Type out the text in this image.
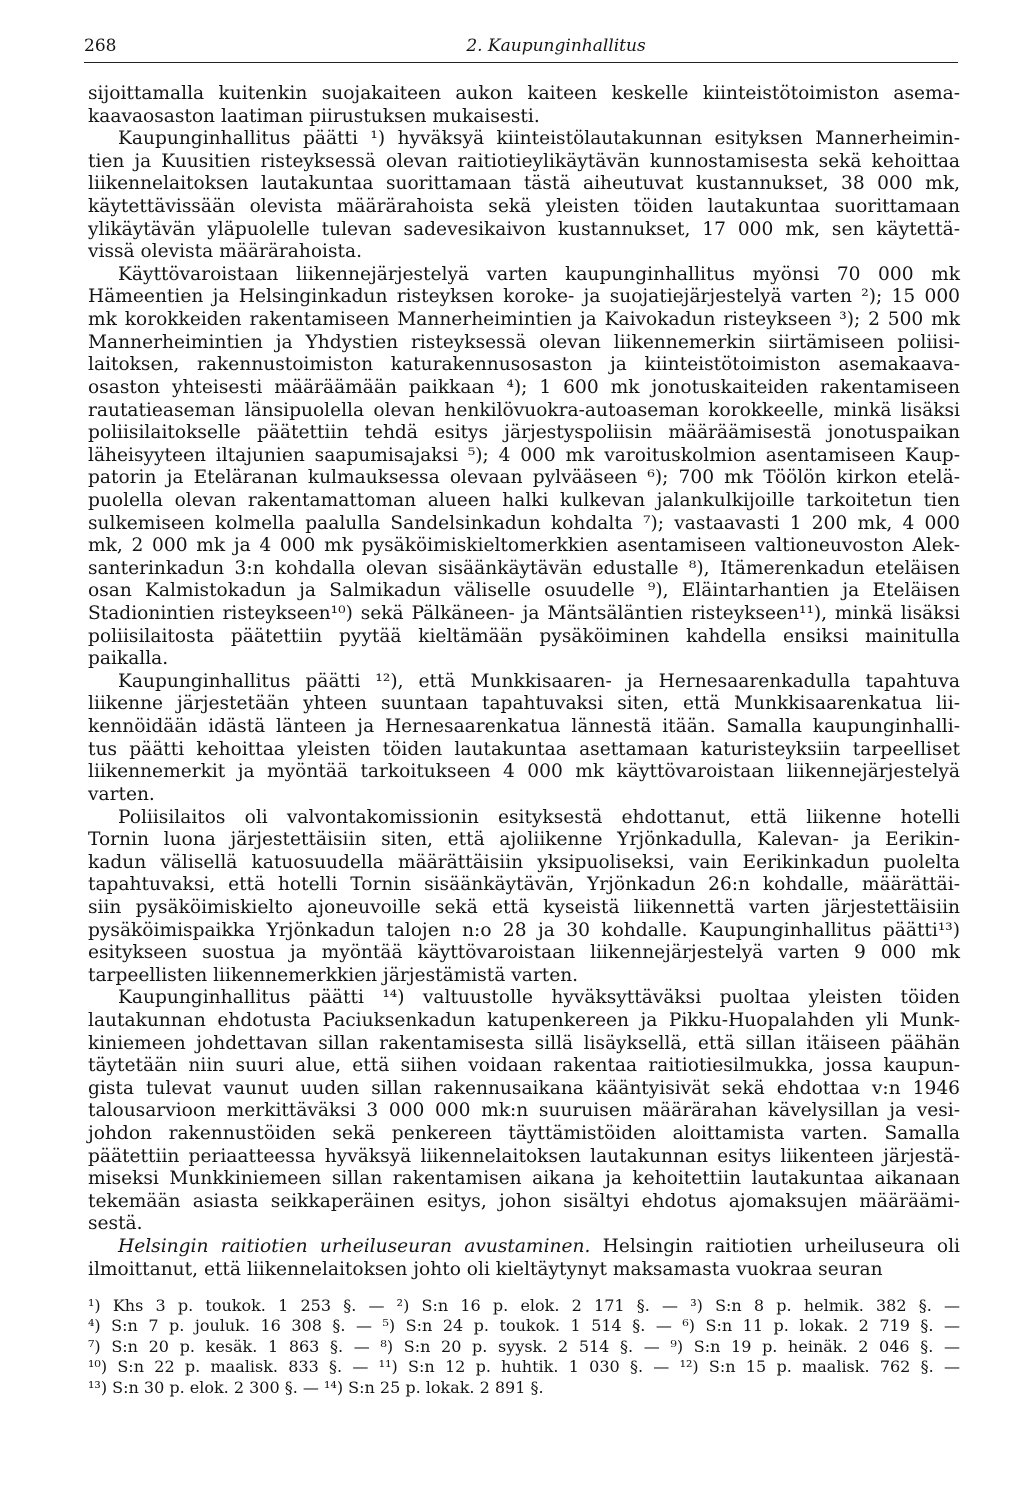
268	2. Kaupunginhallitus
sijoittamalla kuitenkin suojakaiteen aukon kaiteen keskelle kiinteistötoimiston asema-
kaavaosaston laatiman piirustuksen mukaisesti.
Kaupunginhallitus päätti ¹) hyväksyä kiinteistölautakunnan esityksen Mannerheimin-
tien ja Kuusitien risteyksessä olevan raitiotieylikäytävän kunnostamisesta sekä kehoittaa
liikennelaitoksen lautakuntaa suorittamaan tästä aiheutuvat kustannukset, 38 000 mk,
käytettävissään olevista määrärahoista sekä yleisten töiden lautakuntaa suorittamaan
ylikäytävän yläpuolelle tulevan sadevesikaivon kustannukset, 17 000 mk, sen käytettä-
vissä olevista määrärahoista.
Käyttövaroistaan liikennejärjestelyä varten kaupunginhallitus myönsi 70 000 mk
Hämeentien ja Helsinginkadun risteyksen koroke- ja suojatiejärjestelyä varten ²); 15 000
mk korokkeiden rakentamiseen Mannerheimintien ja Kaivokadun risteykseen ³); 2 500 mk
Mannerheimintien ja Yhdystien risteyksessä olevan liikennemerkin siirtämiseen poliisi-
laitoksen, rakennustoimiston katurakennusosaston ja kiinteistötoimiston asemakaava-
osaston yhteisesti määräämään paikkaan ⁴); 1 600 mk jonotuskaiteiden rakentamiseen
rautatieaseman länsipuolella olevan henkilövuokra-autoaseman korokkeelle, minkä lisäksi
poliisilaitokselle päätettiin tehdä esitys järjestyspoliisin määräämisestä jonotuspaikan
läheisyyteen iltajunien saapumisajaksi ⁵); 4 000 mk varoituskolmion asentamiseen Kaup-
patorin ja Eteläranan kulmauksessa olevaan pylvääseen ⁶); 700 mk Töölön kirkon etelä-
puolella olevan rakentamattoman alueen halki kulkevan jalankulkijoille tarkoitetun tien
sulkemiseen kolmella paalulla Sandelsinkadun kohdalta ⁷); vastaavasti 1 200 mk, 4 000
mk, 2 000 mk ja 4 000 mk pysäköimiskieltomerkkien asentamiseen valtioneuvoston Alek-
santerinkadun 3:n kohdalla olevan sisäänkäytävän edustalle ⁸), Itämerenkadun eteläisen
osan Kalmistokadun ja Salmikadun väliselle osuudelle ⁹), Eläintarhantien ja Eteläisen
Stadionintien risteykseen¹⁰) sekä Pälkäneen- ja Mäntsäläntien risteykseen¹¹), minkä lisäksi
poliisilaitosta päätettiin pyytää kieltämään pysäköiminen kahdella ensiksi mainitulla
paikalla.
Kaupunginhallitus päätti ¹²), että Munkkisaaren- ja Hernesaarenkadulla tapahtuva
liikenne järjestetään yhteen suuntaan tapahtuvaksi siten, että Munkkisaarenkatua lii-
kennöidään idästä länteen ja Hernesaarenkatua lännestä itään. Samalla kaupunginhalli-
tus päätti kehoittaa yleisten töiden lautakuntaa asettamaan katuristeyksiin tarpeelliset
liikennemerkit ja myöntää tarkoitukseen 4 000 mk käyttövaroistaan liikennejärjestelyä
varten.
Poliisilaitos oli valvontakomissionin esityksestä ehdottanut, että liikenne hotelli
Tornin luona järjestettäisiin siten, että ajoliikenne Yrjönkadulla, Kalevan- ja Eerikin-
kadun välisellä katuosuudella määrättäisiin yksipuoliseksi, vain Eerikinkadun puolelta
tapahtuvaksi, että hotelli Tornin sisäänkäytävän, Yrjönkadun 26:n kohdalle, määrättäi-
siin pysäköimiskielto ajoneuvoille sekä että kyseistä liikennettä varten järjestettäisiin
pysäköimispaikka Yrjönkadun talojen n:o 28 ja 30 kohdalle. Kaupunginhallitus päätti¹³)
esitykseen suostua ja myöntää käyttövaroistaan liikennejärjestelyä varten 9 000 mk
tarpeellisten liikennemerkkien järjestämistä varten.
Kaupunginhallitus päätti ¹⁴) valtuustolle hyväksyttäväksi puoltaa yleisten töiden
lautakunnan ehdotusta Paciuksenkadun katupenkereen ja Pikku-Huopalahden yli Munk-
kiniemeen johdettavan sillan rakentamisesta sillä lisäyksellä, että sillan itäiseen päähän
täytetään niin suuri alue, että siihen voidaan rakentaa raitiotiesilmukka, jossa kaupun-
gista tulevat vaunut uuden sillan rakennusaikana kääntyisivät sekä ehdottaa v:n 1946
talousarvioon merkittäväksi 3 000 000 mk:n suuruisen määrärahan kävelysillan ja vesi-
johdon rakennustöiden sekä penkereen täyttämistöiden aloittamista varten. Samalla
päätettiin periaatteessa hyväksyä liikennelaitoksen lautakunnan esitys liikenteen järjestä-
miseksi Munkkiniemeen sillan rakentamisen aikana ja kehoitettiin lautakuntaa aikanaan
tekemään asiasta seikkaperäinen esitys, johon sisältyi ehdotus ajomaksujen määräämi-
sestä.
Helsingin raitiotien urheiluseuran avustaminen. Helsingin raitiotien urheiluseura oli
ilmoittanut, että liikennelaitoksen johto oli kieltäytynyt maksamasta vuokraa seuran
¹) Khs 3 p. toukok. 1 253 §. — ²) S:n 16 p. elok. 2 171 §. — ³) S:n 8 p. helmik. 382 §. —
⁴) S:n 7 p. jouluk. 16 308 §. — ⁵) S:n 24 p. toukok. 1 514 §. — ⁶) S:n 11 p. lokak. 2 719 §. —
⁷) S:n 20 p. kesäk. 1 863 §. — ⁸) S:n 20 p. syysk. 2 514 §. — ⁹) S:n 19 p. heinäk. 2 046 §. —
¹⁰) S:n 22 p. maalisk. 833 §. — ¹¹) S:n 12 p. huhtik. 1 030 §. — ¹²) S:n 15 p. maalisk. 762 §. —
¹³) S:n 30 p. elok. 2 300 §. — ¹⁴) S:n 25 p. lokak. 2 891 §.
